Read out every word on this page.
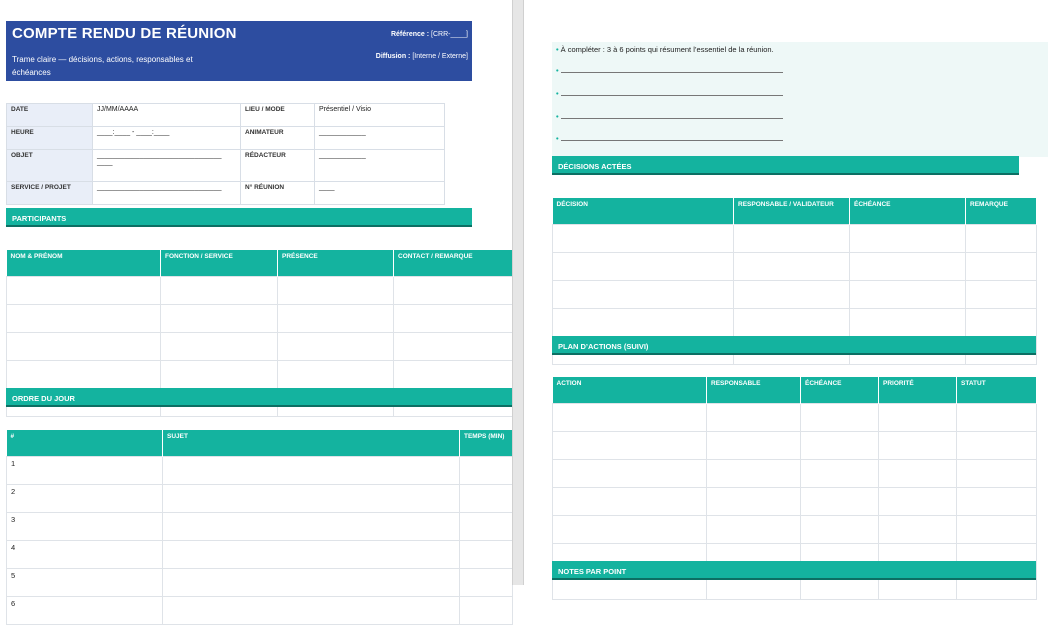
COMPTE RENDU DE RÉUNION
Trame claire — décisions, actions, responsables et échéances
Référence : [CRR-____]
Diffusion : [Interne / Externe]
DATE	JJ/MM/AAAA	LIEU / MODE	Présentiel / Visio
HEURE	____:____ - ____:____	ANIMATEUR	____________
OBJET	________________________________ ____	RÉDACTEUR	____________
SERVICE / PROJET	________________________________	N° RÉUNION	____
PARTICIPANTS
NOM & PRÉNOM	FONCTION / SERVICE	PRÉSENCE	CONTACT / REMARQUE

ORDRE DU JOUR
#	SUJET	TEMPS (MIN)
1		
2		
3		
4		
5		
6		
• À compléter : 3 à 6 points qui résument l’essentiel de la réunion.
•
•
•
•
DÉCISIONS ACTÉES
DÉCISION	RESPONSABLE / VALIDATEUR	ÉCHÉANCE	REMARQUE

PLAN D’ACTIONS (SUIVI)
ACTION	RESPONSABLE	ÉCHÉANCE	PRIORITÉ	STATUT

NOTES PAR POINT
